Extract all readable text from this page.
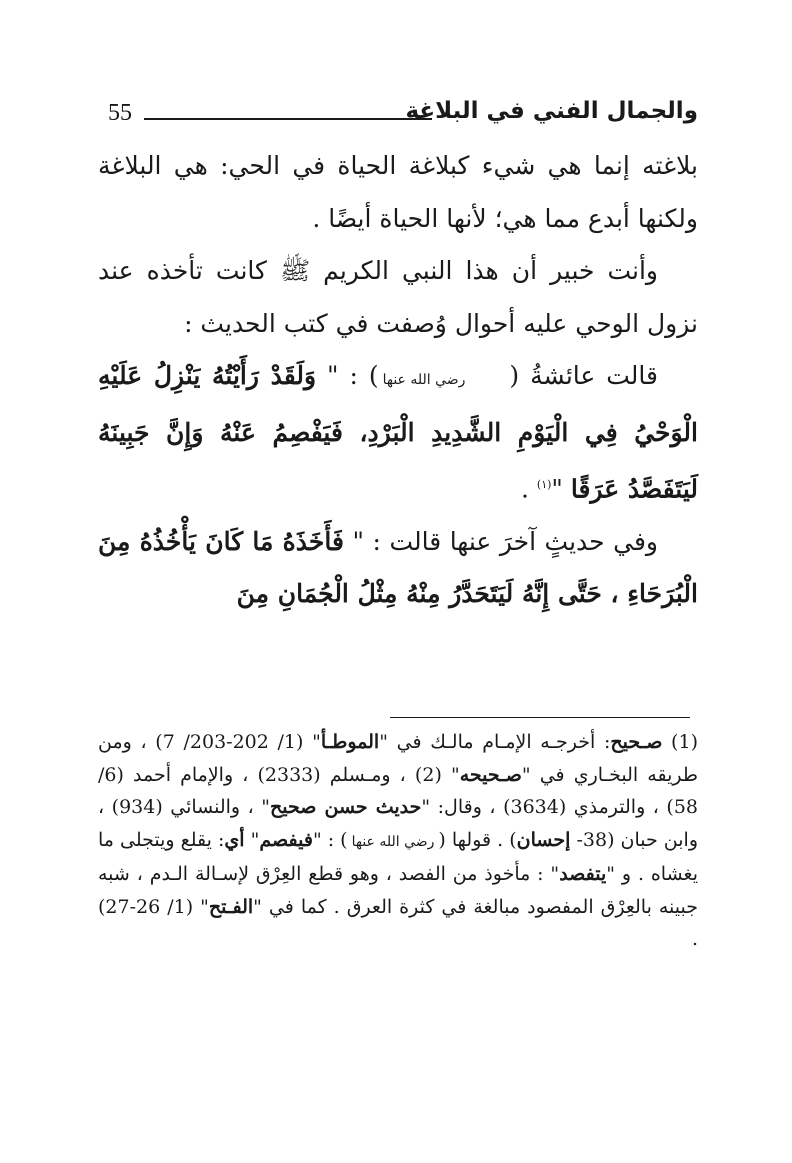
55	والجمال الفني في البلاغة

بلاغته إنما هي شيء كبلاغة الحياة في الحي: هي البلاغة ولكنها أبدع مما هي؛ لأنها الحياة أيضًا .

وأنت خبير أن هذا النبي الكريم ﷺ كانت تأخذه عند نزول الوحي عليه أحوال وُصفت في كتب الحديث :

قالت عائشةُ (رضي الله عنها) : " وَلَقَدْ رَأَيْتُهُ يَنْزِلُ عَلَيْهِ الْوَحْيُ فِي الْيَوْمِ الشَّدِيدِ الْبَرْدِ، فَيَفْصِمُ عَنْهُ وَإِنَّ جَبِينَهُ لَيَتَفَصَّدُ عَرَقًا "$^{(١)}$ .

وفي حديثٍ آخرَ عنها قالت : " فَأَخَذَهُ مَا كَانَ يَأْخُذُهُ مِنَ الْبُرَحَاءِ ، حَتَّى إِنَّهُ لَيَتَحَدَّرُ مِنْهُ مِثْلُ الْجُمَانِ مِنَ

(1) صـحيح: أخرجـه الإمـام مالـك في "الموطـأ" (1/ 202-203/ 7) ، ومن طريقه البخـاري في "صـحيحه" (2) ، ومـسلم (2333) ، والإمام أحمد (6/ 58) ، والترمذي (3634) ، وقال: "حديث حسن صحيح" ، والنسائي (934) ، وابن حبان (38- إحسان) . قولها (رضي الله عنها) : "فيفصم" أي: يقلع ويتجلى ما يغشاه . و "يتفصد" : مأخوذ من الفصد ، وهو قطع العِرْق لإسـالة الـدم ، شبه جبينه بالعِرْق المفصود مبالغة في كثرة العرق . كما في "الفـتح" (1/ 26-27) .
